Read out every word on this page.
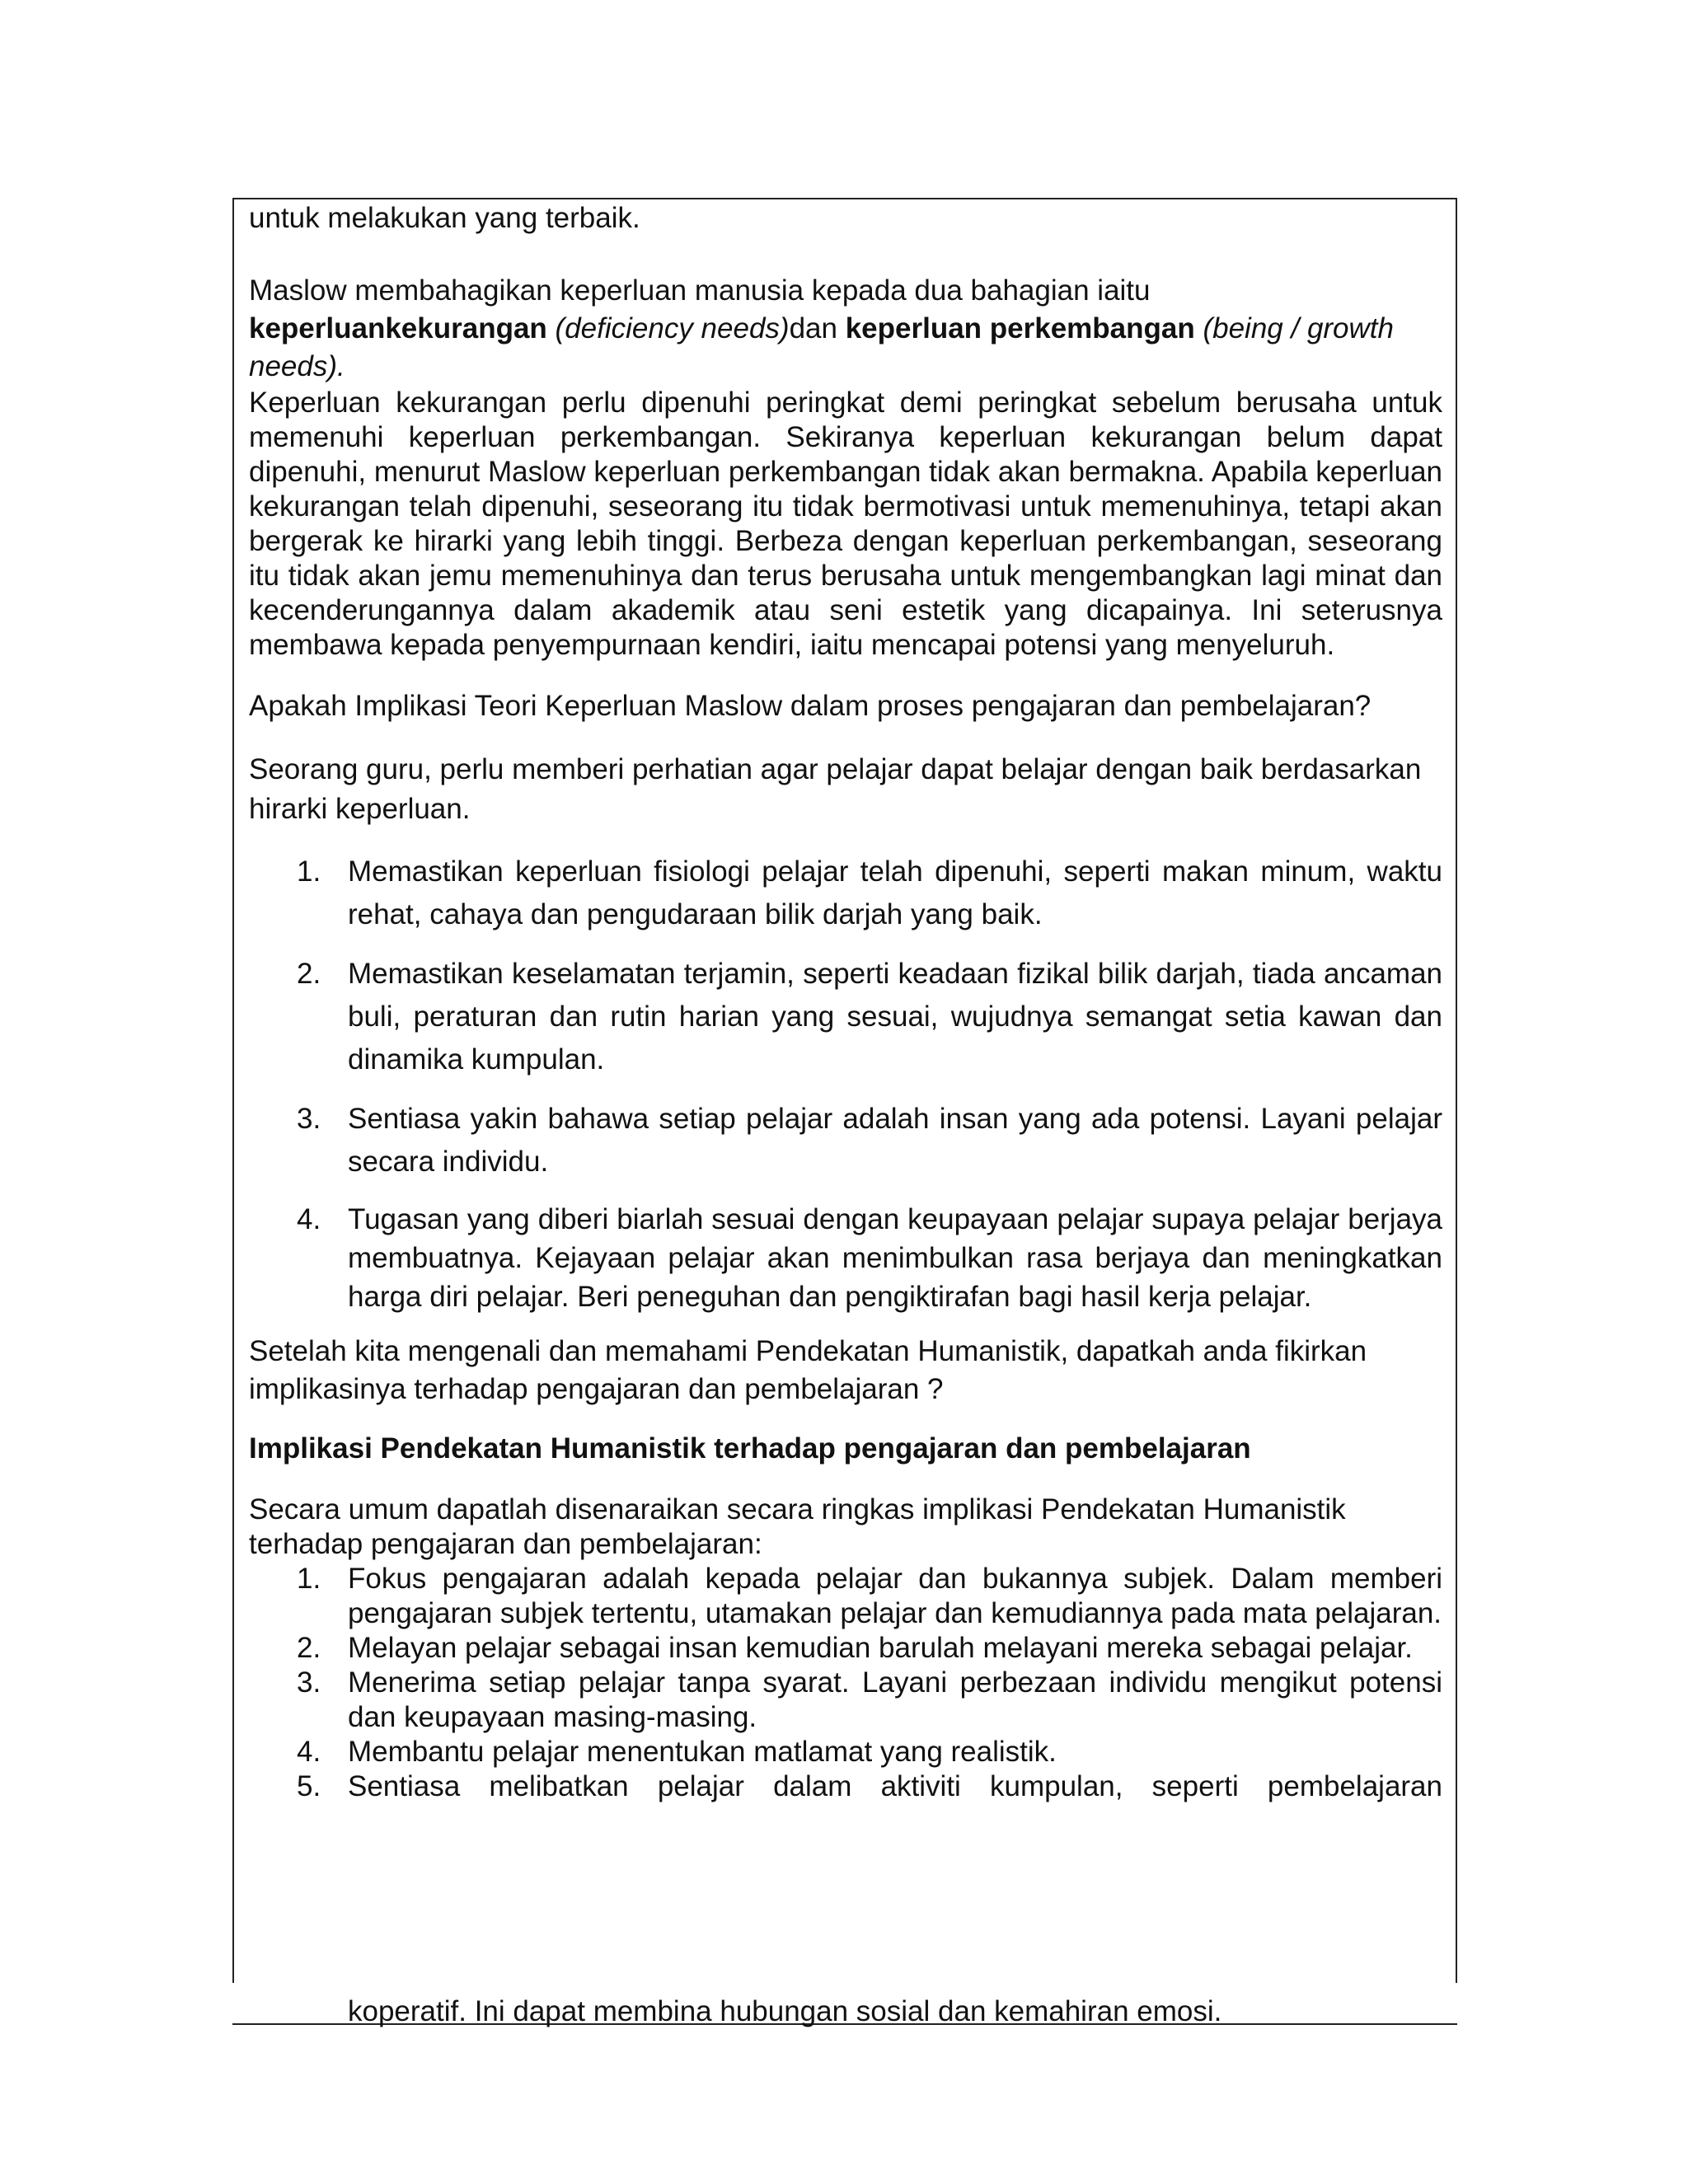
untuk melakukan yang terbaik.

Maslow membahagikan keperluan manusia kepada dua bahagian iaitu
keperluankekurangan (deficiency needs)dan keperluan perkembangan (being / growth needs).

Keperluan kekurangan perlu dipenuhi peringkat demi peringkat sebelum berusaha untuk memenuhi keperluan perkembangan. Sekiranya keperluan kekurangan belum dapat dipenuhi, menurut Maslow keperluan perkembangan tidak akan bermakna. Apabila keperluan kekurangan telah dipenuhi, seseorang itu tidak bermotivasi untuk memenuhinya, tetapi akan bergerak ke hirarki yang lebih tinggi. Berbeza dengan keperluan perkembangan, seseorang itu tidak akan jemu memenuhinya dan terus berusaha untuk mengembangkan lagi minat dan kecenderungannya dalam akademik atau seni estetik yang dicapainya. Ini seterusnya membawa kepada penyempurnaan kendiri, iaitu mencapai potensi yang menyeluruh.

Apakah Implikasi Teori Keperluan Maslow dalam proses pengajaran dan pembelajaran?

Seorang guru, perlu memberi perhatian agar pelajar dapat belajar dengan baik berdasarkan hirarki keperluan.

1. Memastikan keperluan fisiologi pelajar telah dipenuhi, seperti makan minum, waktu rehat, cahaya dan pengudaraan bilik darjah yang baik.
2. Memastikan keselamatan terjamin, seperti keadaan fizikal bilik darjah, tiada ancaman buli, peraturan dan rutin harian yang sesuai, wujudnya semangat setia kawan dan dinamika kumpulan.
3. Sentiasa yakin bahawa setiap pelajar adalah insan yang ada potensi. Layani pelajar secara individu.
4. Tugasan yang diberi biarlah sesuai dengan keupayaan pelajar supaya pelajar berjaya membuatnya. Kejayaan pelajar akan menimbulkan rasa berjaya dan meningkatkan harga diri pelajar. Beri peneguhan dan pengiktirafan bagi hasil kerja pelajar.

Setelah kita mengenali dan memahami Pendekatan Humanistik, dapatkah anda fikirkan implikasinya terhadap pengajaran dan pembelajaran ?

Implikasi Pendekatan Humanistik terhadap pengajaran dan pembelajaran

Secara umum dapatlah disenaraikan secara ringkas implikasi Pendekatan Humanistik terhadap pengajaran dan pembelajaran:

1. Fokus pengajaran adalah kepada pelajar dan bukannya subjek. Dalam memberi pengajaran subjek tertentu, utamakan pelajar dan kemudiannya pada mata pelajaran.
2. Melayan pelajar sebagai insan kemudian barulah melayani mereka sebagai pelajar.
3. Menerima setiap pelajar tanpa syarat. Layani perbezaan individu mengikut potensi dan keupayaan masing-masing.
4. Membantu pelajar menentukan matlamat yang realistik.
5. Sentiasa melibatkan pelajar dalam aktiviti kumpulan, seperti pembelajaran
koperatif. Ini dapat membina hubungan sosial dan kemahiran emosi.
